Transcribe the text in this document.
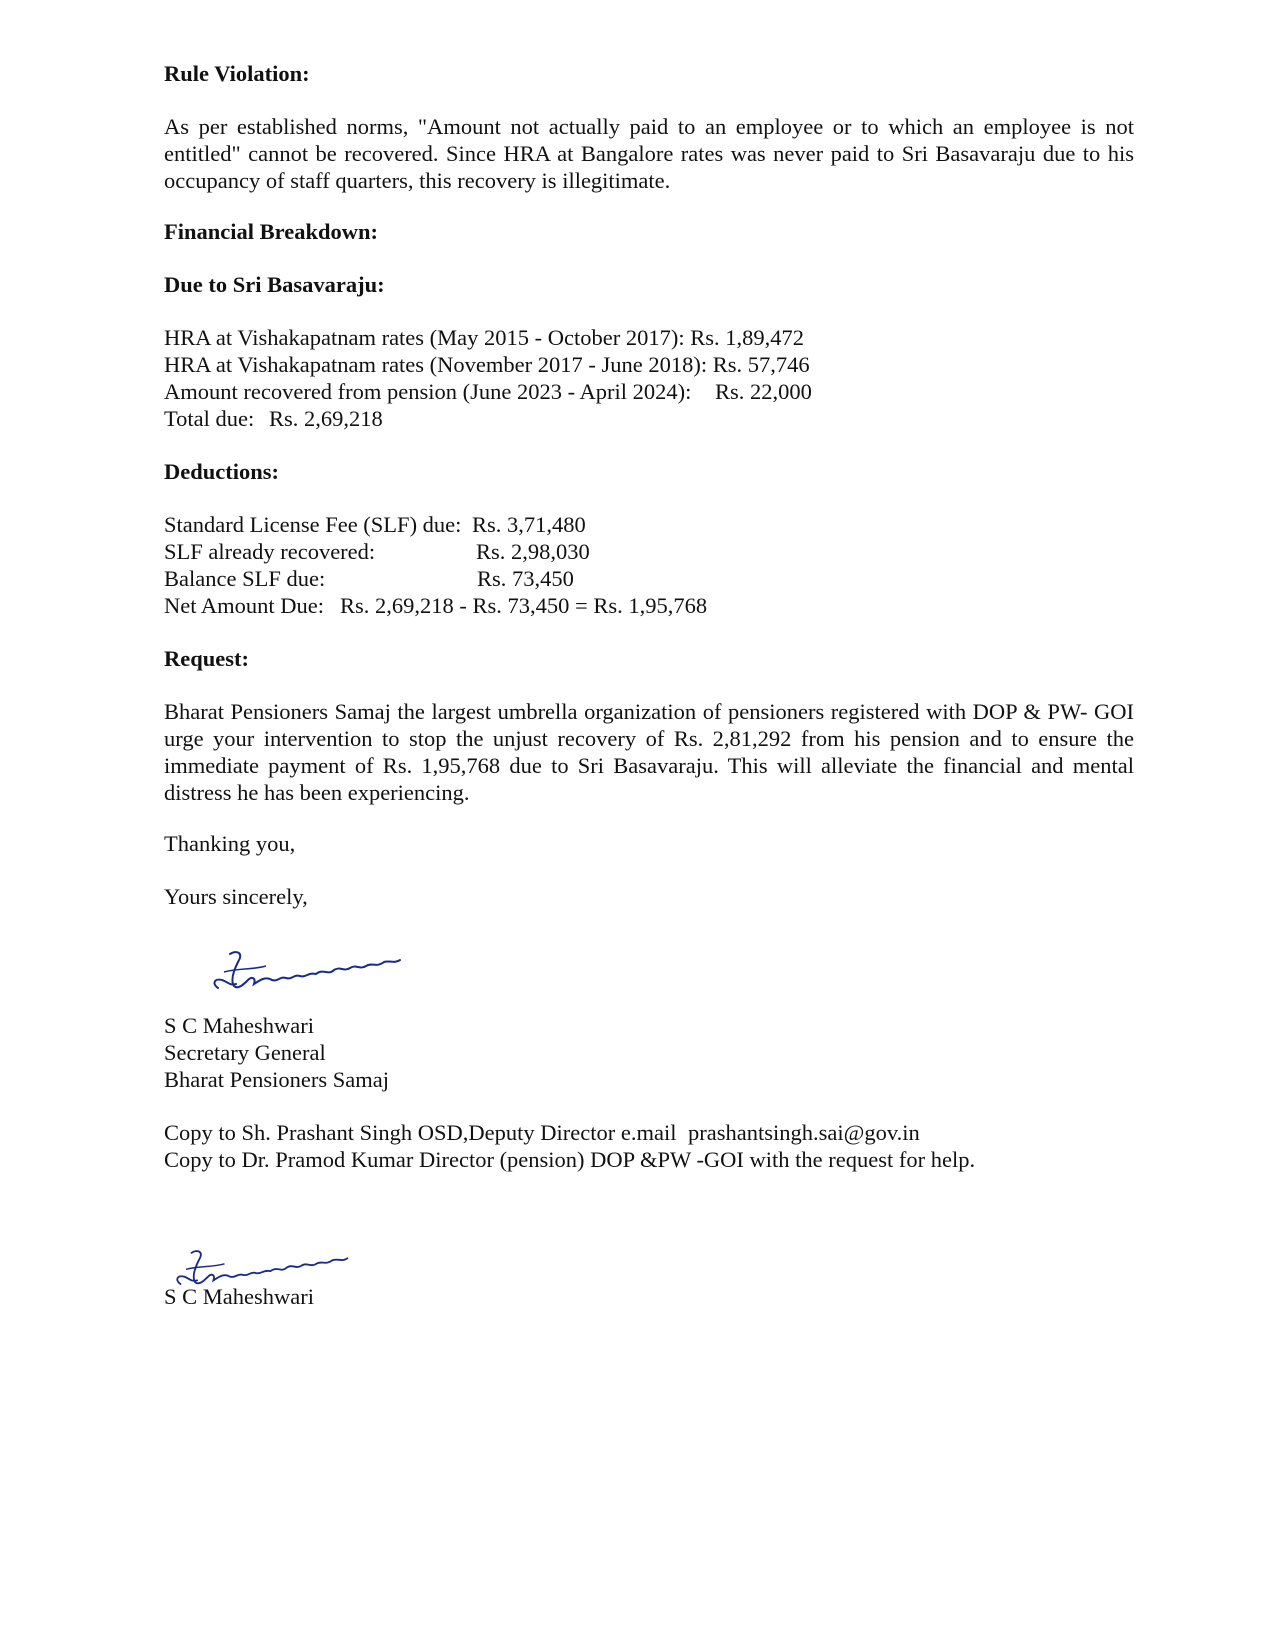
Rule Violation:
As per established norms, "Amount not actually paid to an employee or to which an employee is not entitled" cannot be recovered. Since HRA at Bangalore rates was never paid to Sri Basavaraju due to his occupancy of staff quarters, this recovery is illegitimate.
Financial Breakdown:
Due to Sri Basavaraju:
HRA at Vishakapatnam rates (May 2015 - October 2017): Rs. 1,89,472
HRA at Vishakapatnam rates (November 2017 - June 2018): Rs. 57,746
Amount recovered from pension (June 2023 - April 2024): Rs. 22,000
Total due: Rs. 2,69,218
Deductions:
Standard License Fee (SLF) due: Rs. 3,71,480
SLF already recovered:	Rs. 2,98,030
Balance SLF due:	Rs. 73,450
Net Amount Due: Rs. 2,69,218 - Rs. 73,450 = Rs. 1,95,768
Request:
Bharat Pensioners Samaj the largest umbrella organization of pensioners registered with DOP & PW- GOI urge your intervention to stop the unjust recovery of Rs. 2,81,292 from his pension and to ensure the immediate payment of Rs. 1,95,768 due to Sri Basavaraju. This will alleviate the financial and mental distress he has been experiencing.
Thanking you,
Yours sincerely,
S C Maheshwari
Secretary General
Bharat Pensioners Samaj
Copy to Sh. Prashant Singh OSD,Deputy Director e.mail prashantsingh.sai@gov.in
Copy to Dr. Pramod Kumar Director (pension) DOP &PW -GOI with the request for help.
S C Maheshwari
